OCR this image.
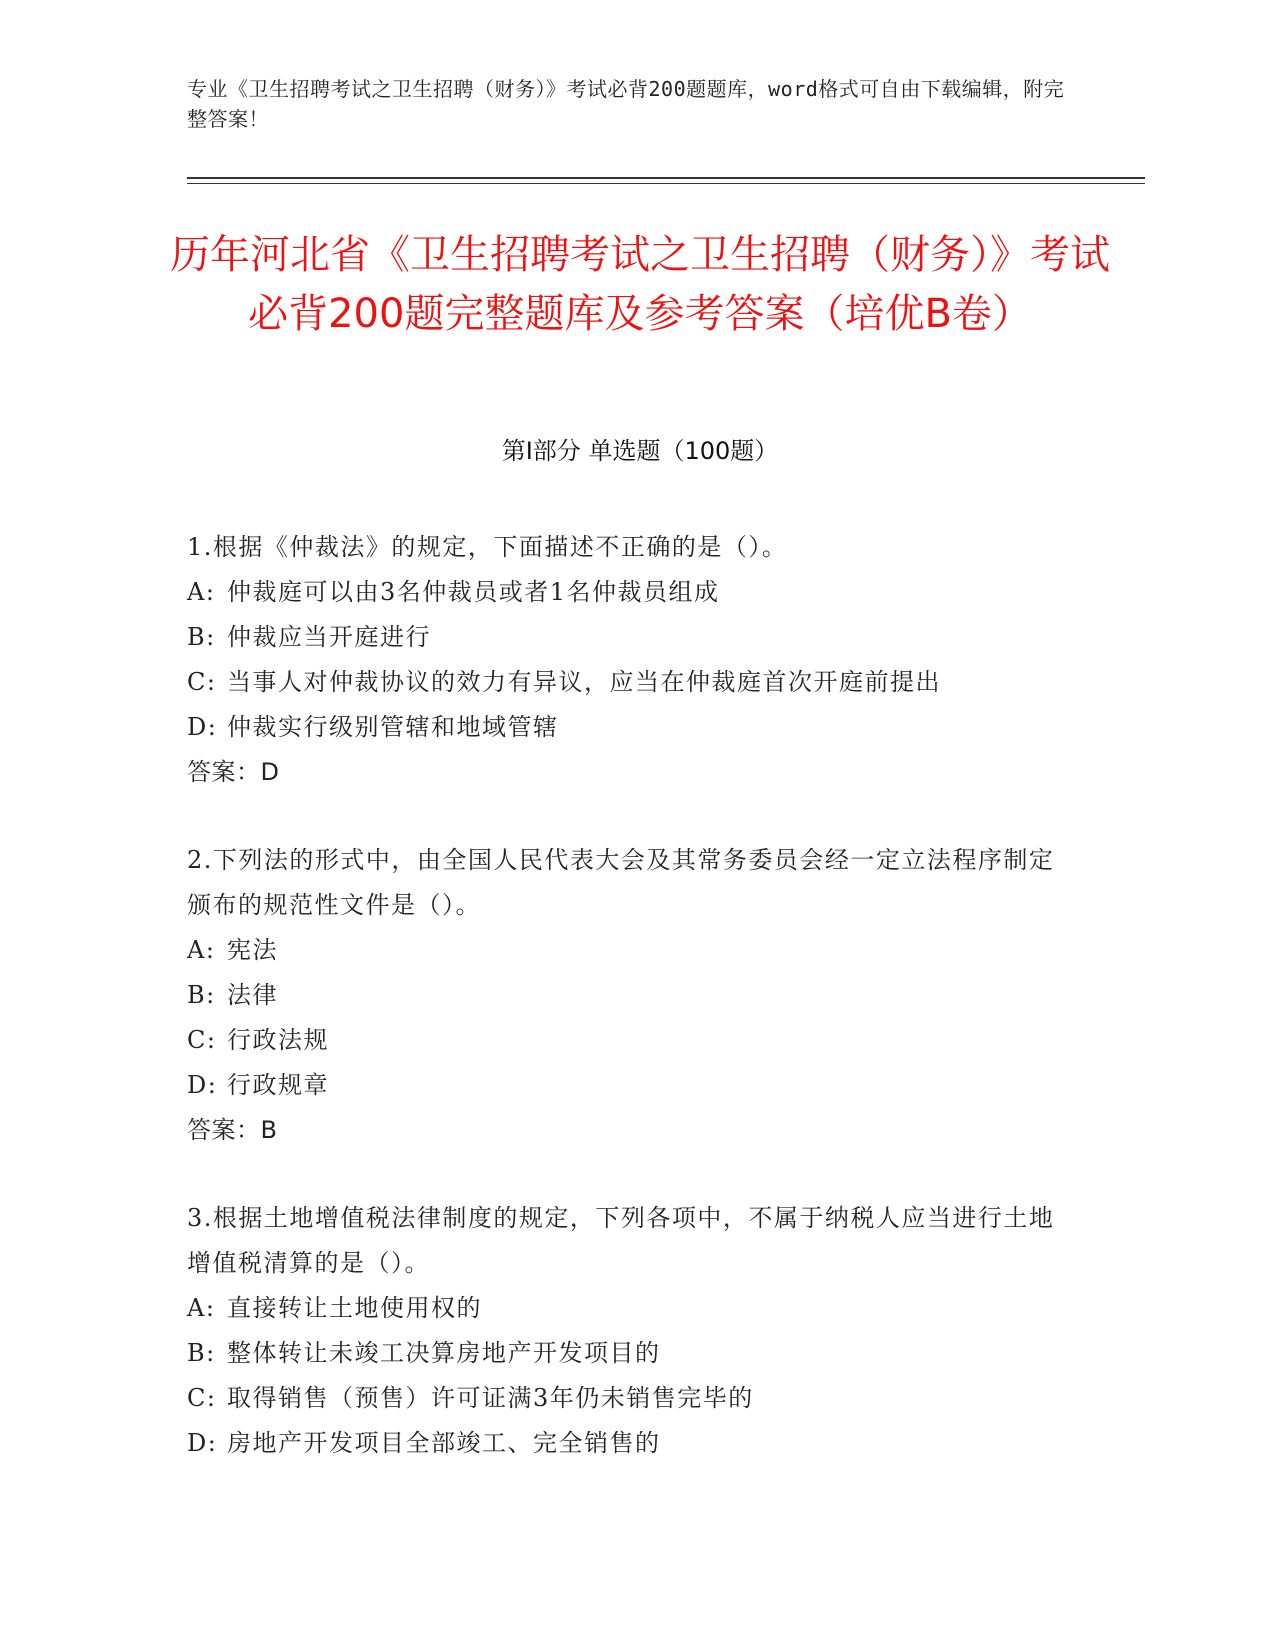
专业《卫生招聘考试之卫生招聘（财务）》考试必背200题题库，word格式可自由下载编辑，附完整答案！
历年河北省《卫生招聘考试之卫生招聘（财务）》考试必背200题完整题库及参考答案（培优B卷）
第Ⅰ部分 单选题（100题）

1.根据《仲裁法》的规定，下面描述不正确的是（）。

A: 仲裁庭可以由3名仲裁员或者1名仲裁员组成

B: 仲裁应当开庭进行

C: 当事人对仲裁协议的效力有异议，应当在仲裁庭首次开庭前提出

D: 仲裁实行级别管辖和地域管辖

答案：D

2.下列法的形式中，由全国人民代表大会及其常务委员会经一定立法程序制定颁布的规范性文件是（）。

A: 宪法

B: 法律

C: 行政法规

D: 行政规章

答案：B

3.根据土地增值税法律制度的规定，下列各项中，不属于纳税人应当进行土地增值税清算的是（）。

A: 直接转让土地使用权的

B: 整体转让未竣工决算房地产开发项目的

C: 取得销售（预售）许可证满3年仍未销售完毕的

D: 房地产开发项目全部竣工、完全销售的
